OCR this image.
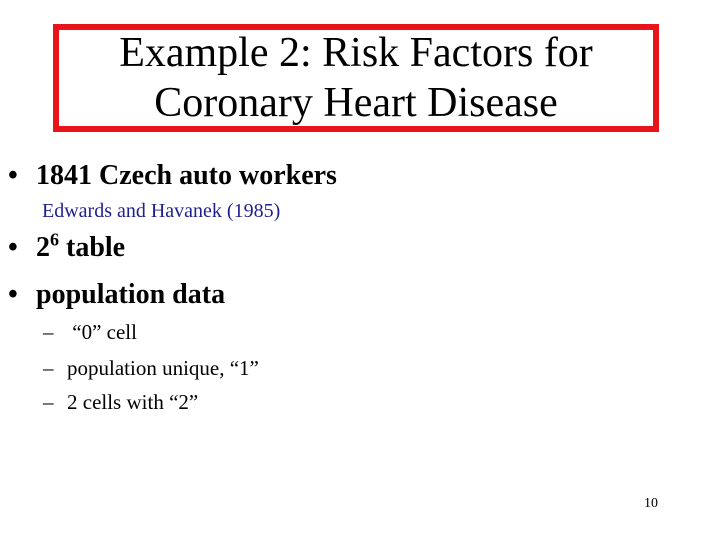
Example 2: Risk Factors for
Coronary Heart Disease
• 1841 Czech auto workers
Edwards and Havanek (1985)
• $2^6$ table
• population data
– “0” cell
– population unique, “1”
– 2 cells with “2”
10
